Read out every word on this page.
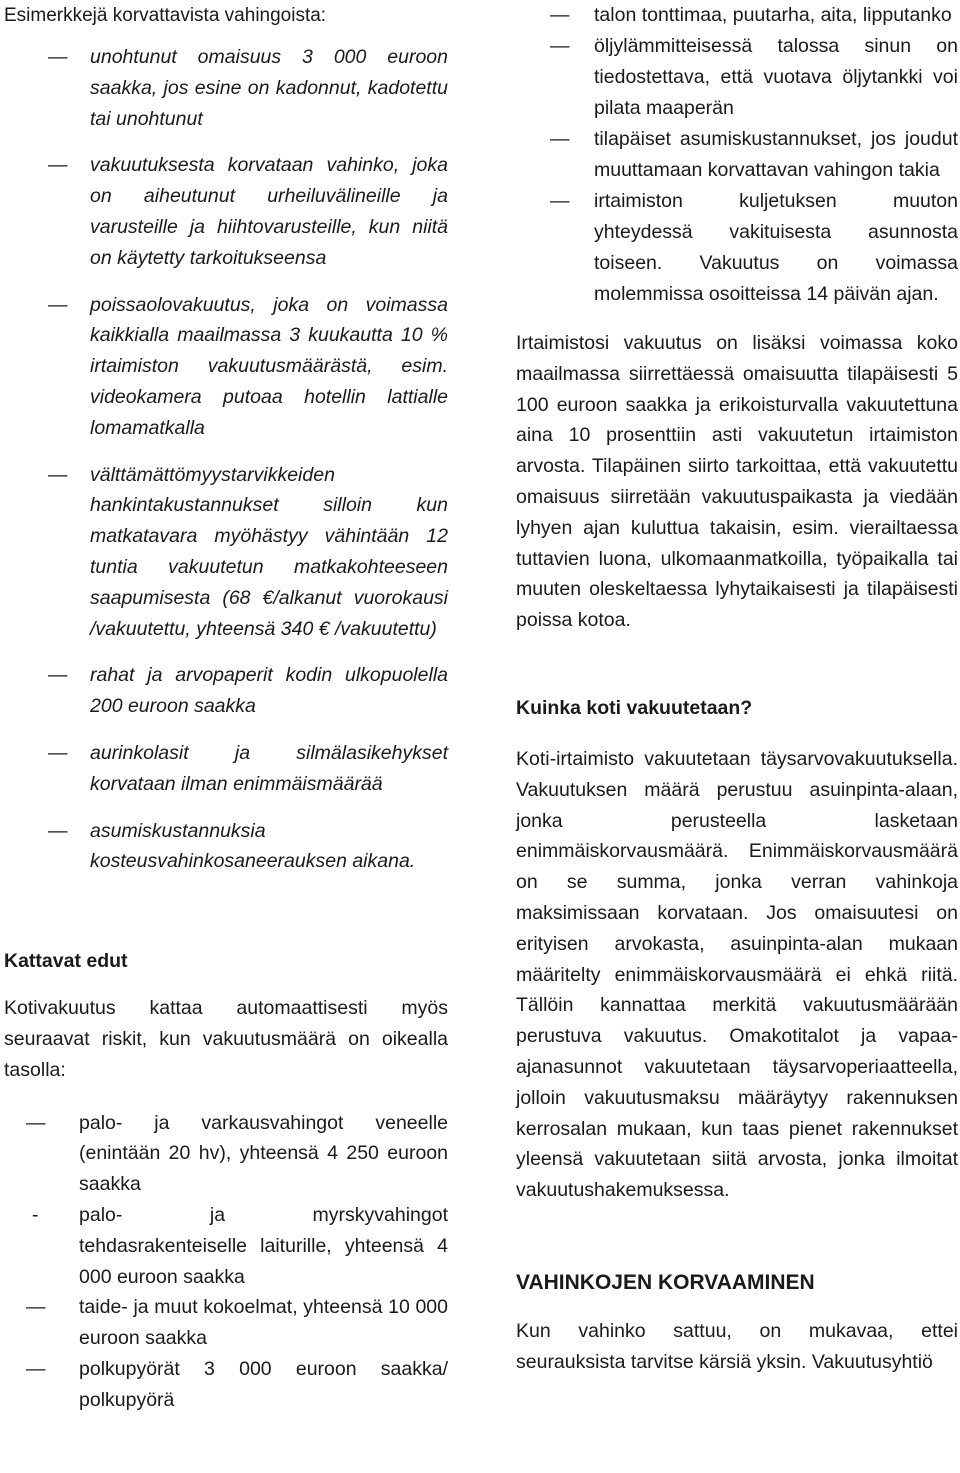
Esimerkkejä korvattavista vahingoista:

— unohtunut omaisuus 3 000 euroon saakka, jos esine on kadonnut, kadotettu tai unohtunut
— vakuutuksesta korvataan vahinko, joka on aiheutunut urheiluvälineille ja varusteille ja hiihtovarusteille, kun niitä on käytetty tarkoitukseensa
— poissaolovakuutus, joka on voimassa kaikkialla maailmassa 3 kuukautta 10 % irtaimiston vakuutusmäärästä, esim. videokamera putoaa hotellin lattialle lomamatkalla
— välttämättömyystarvikkeiden hankintakustannukset silloin kun matkatavara myöhästyy vähintään 12 tuntia vakuutetun matkakohteeseen saapumisesta (68 €/alkanut vuorokausi /vakuutettu, yhteensä 340 € /vakuutettu)
— rahat ja arvopaperit kodin ulkopuolella 200 euroon saakka
— aurinkolasit ja silmälasikehykset korvataan ilman enimmäismäärää
— asumiskustannuksia kosteusvahinkosaneerauksen aikana.

Kattavat edut

Kotivakuutus kattaa automaattisesti myös seuraavat riskit, kun vakuutusmäärä on oikealla tasolla:

— palo- ja varkausvahingot veneelle (enintään 20 hv), yhteensä 4 250 euroon saakka
- palo- ja myrskyvahingot tehdasrakenteiselle laiturille, yhteensä 4 000 euroon saakka
— taide- ja muut kokoelmat, yhteensä 10 000 euroon saakka
— polkupyörät 3 000 euroon saakka/ polkupyörä
— talon tonttimaa, puutarha, aita, lipputanko
— öljylämmitteisessä talossa sinun on tiedostettava, että vuotava öljytankki voi pilata maaperän
— tilapäiset asumiskustannukset, jos joudut muuttamaan korvattavan vahingon takia
— irtaimiston kuljetuksen muuton yhteydessä vakituisesta asunnosta toiseen. Vakuutus on voimassa molemmissa osoitteissa 14 päivän ajan.

Irtaimistosi vakuutus on lisäksi voimassa koko maailmassa siirrettäessä omaisuutta tilapäisesti 5 100 euroon saakka ja erikoisturvalla vakuutettuna aina 10 prosenttiin asti vakuutetun irtaimiston arvosta. Tilapäinen siirto tarkoittaa, että vakuutettu omaisuus siirretään vakuutuspaikasta ja viedään lyhyen ajan kuluttua takaisin, esim. vierailtaessa tuttavien luona, ulkomaanmatkoilla, työpaikalla tai muuten oleskeltaessa lyhytaikaisesti ja tilapäisesti poissa kotoa.

Kuinka koti vakuutetaan?

Koti-irtaimisto vakuutetaan täysarvovakuutuksella. Vakuutuksen määrä perustuu asuinpinta-alaan, jonka perusteella lasketaan enimmäiskorvausmäärä. Enimmäiskorvausmäärä on se summa, jonka verran vahinkoja maksimissaan korvataan. Jos omaisuutesi on erityisen arvokasta, asuinpinta-alan mukaan määritelty enimmäiskorvausmäärä ei ehkä riitä. Tällöin kannattaa merkitä vakuutusmäärään perustuva vakuutus. Omakotitalot ja vapaa-ajanasunnot vakuutetaan täysarvoperiaatteella, jolloin vakuutusmaksu määräytyy rakennuksen kerrosalan mukaan, kun taas pienet rakennukset yleensä vakuutetaan siitä arvosta, jonka ilmoitat vakuutushakemuksessa.

VAHINKOJEN KORVAAMINEN

Kun vahinko sattuu, on mukavaa, ettei seurauksista tarvitse kärsiä yksin. Vakuutusyhtiö
